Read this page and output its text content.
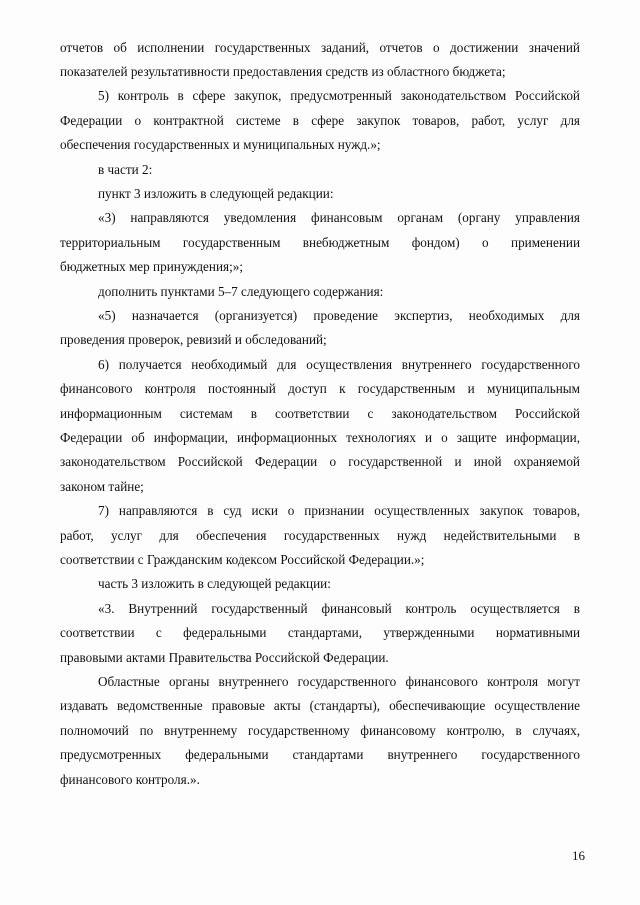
отчетов об исполнении государственных заданий, отчетов о достижении значений
показателей результативности предоставления средств из областного бюджета;
5) контроль в сфере закупок, предусмотренный законодательством Российской
Федерации о контрактной системе в сфере закупок товаров, работ, услуг для
обеспечения государственных и муниципальных нужд.»;
в части 2:
пункт 3 изложить в следующей редакции:
«3) направляются уведомления финансовым органам (органу управления
территориальным государственным внебюджетным фондом) о применении
бюджетных мер принуждения;»;
дополнить пунктами 5–7 следующего содержания:
«5) назначается (организуется) проведение экспертиз, необходимых для
проведения проверок, ревизий и обследований;
6) получается необходимый для осуществления внутреннего государственного
финансового контроля постоянный доступ к государственным и муниципальным
информационным системам в соответствии с законодательством Российской
Федерации об информации, информационных технологиях и о защите информации,
законодательством Российской Федерации о государственной и иной охраняемой
законом тайне;
7) направляются в суд иски о признании осуществленных закупок товаров,
работ, услуг для обеспечения государственных нужд недействительными в
соответствии с Гражданским кодексом Российской Федерации.»;
часть 3 изложить в следующей редакции:
«3. Внутренний государственный финансовый контроль осуществляется в
соответствии с федеральными стандартами, утвержденными нормативными
правовыми актами Правительства Российской Федерации.
Областные органы внутреннего государственного финансового контроля могут
издавать ведомственные правовые акты (стандарты), обеспечивающие осуществление
полномочий по внутреннему государственному финансовому контролю, в случаях,
предусмотренных федеральными стандартами внутреннего государственного
финансового контроля.».
16
